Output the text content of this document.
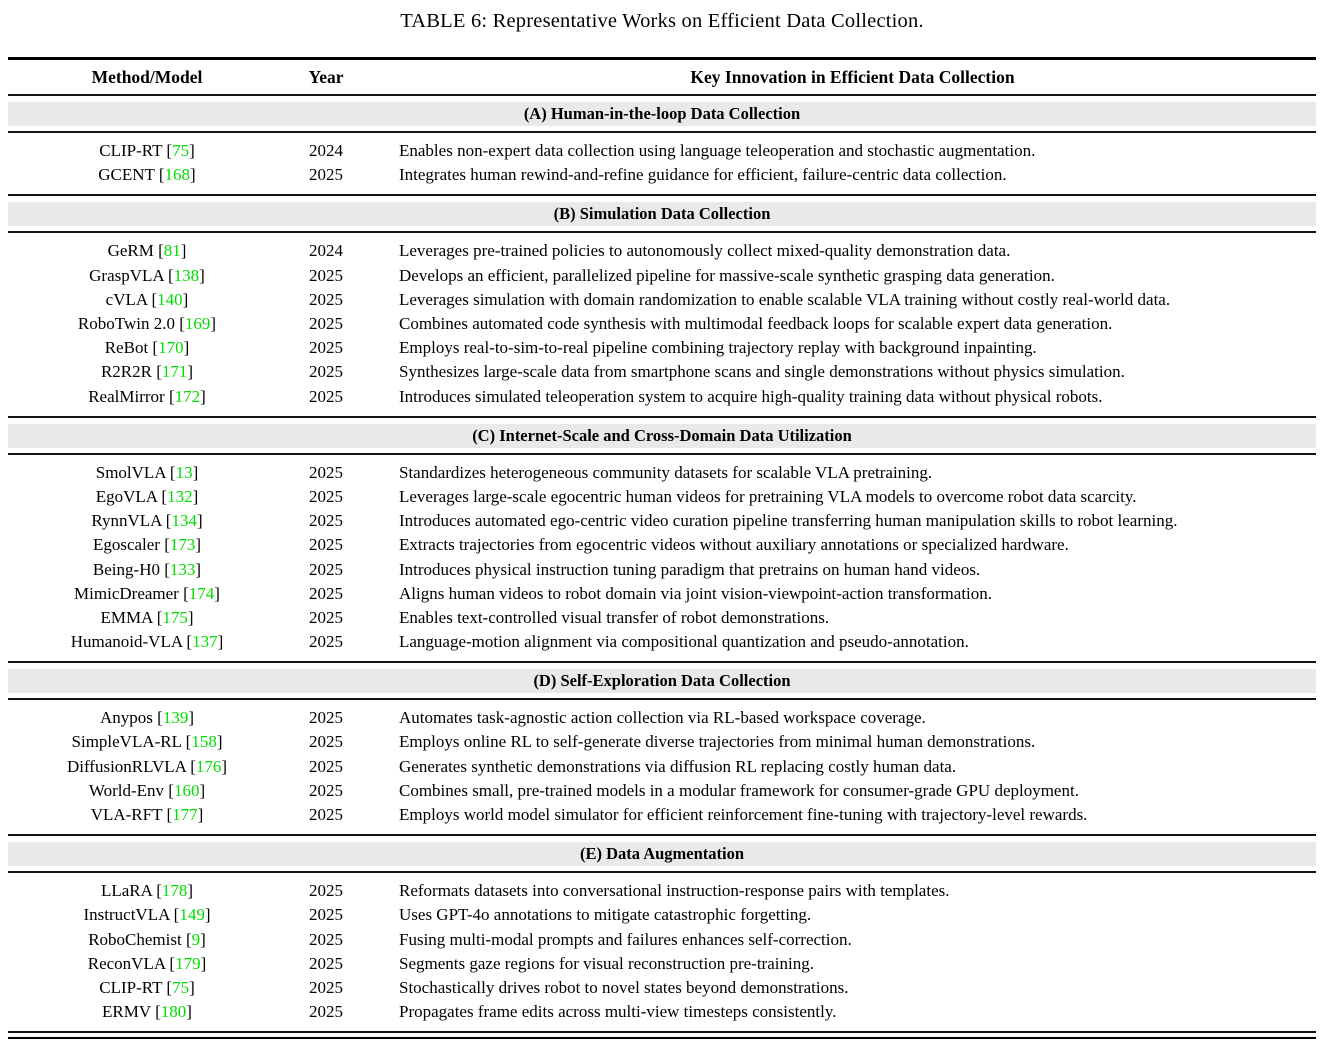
TABLE 6: Representative Works on Efficient Data Collection.
Method/Model	Year	Key Innovation in Efficient Data Collection
(A) Human-in-the-loop Data Collection
CLIP-RT [75]	2024	Enables non-expert data collection using language teleoperation and stochastic augmentation.
GCENT [168]	2025	Integrates human rewind-and-refine guidance for efficient, failure-centric data collection.
(B) Simulation Data Collection
GeRM [81]	2024	Leverages pre-trained policies to autonomously collect mixed-quality demonstration data.
GraspVLA [138]	2025	Develops an efficient, parallelized pipeline for massive-scale synthetic grasping data generation.
cVLA [140]	2025	Leverages simulation with domain randomization to enable scalable VLA training without costly real-world data.
RoboTwin 2.0 [169]	2025	Combines automated code synthesis with multimodal feedback loops for scalable expert data generation.
ReBot [170]	2025	Employs real-to-sim-to-real pipeline combining trajectory replay with background inpainting.
R2R2R [171]	2025	Synthesizes large-scale data from smartphone scans and single demonstrations without physics simulation.
RealMirror [172]	2025	Introduces simulated teleoperation system to acquire high-quality training data without physical robots.
(C) Internet-Scale and Cross-Domain Data Utilization
SmolVLA [13]	2025	Standardizes heterogeneous community datasets for scalable VLA pretraining.
EgoVLA [132]	2025	Leverages large-scale egocentric human videos for pretraining VLA models to overcome robot data scarcity.
RynnVLA [134]	2025	Introduces automated ego-centric video curation pipeline transferring human manipulation skills to robot learning.
Egoscaler [173]	2025	Extracts trajectories from egocentric videos without auxiliary annotations or specialized hardware.
Being-H0 [133]	2025	Introduces physical instruction tuning paradigm that pretrains on human hand videos.
MimicDreamer [174]	2025	Aligns human videos to robot domain via joint vision-viewpoint-action transformation.
EMMA [175]	2025	Enables text-controlled visual transfer of robot demonstrations.
Humanoid-VLA [137]	2025	Language-motion alignment via compositional quantization and pseudo-annotation.
(D) Self-Exploration Data Collection
Anypos [139]	2025	Automates task-agnostic action collection via RL-based workspace coverage.
SimpleVLA-RL [158]	2025	Employs online RL to self-generate diverse trajectories from minimal human demonstrations.
DiffusionRLVLA [176]	2025	Generates synthetic demonstrations via diffusion RL replacing costly human data.
World-Env [160]	2025	Combines small, pre-trained models in a modular framework for consumer-grade GPU deployment.
VLA-RFT [177]	2025	Employs world model simulator for efficient reinforcement fine-tuning with trajectory-level rewards.
(E) Data Augmentation
LLaRA [178]	2025	Reformats datasets into conversational instruction-response pairs with templates.
InstructVLA [149]	2025	Uses GPT-4o annotations to mitigate catastrophic forgetting.
RoboChemist [9]	2025	Fusing multi-modal prompts and failures enhances self-correction.
ReconVLA [179]	2025	Segments gaze regions for visual reconstruction pre-training.
CLIP-RT [75]	2025	Stochastically drives robot to novel states beyond demonstrations.
ERMV [180]	2025	Propagates frame edits across multi-view timesteps consistently.
